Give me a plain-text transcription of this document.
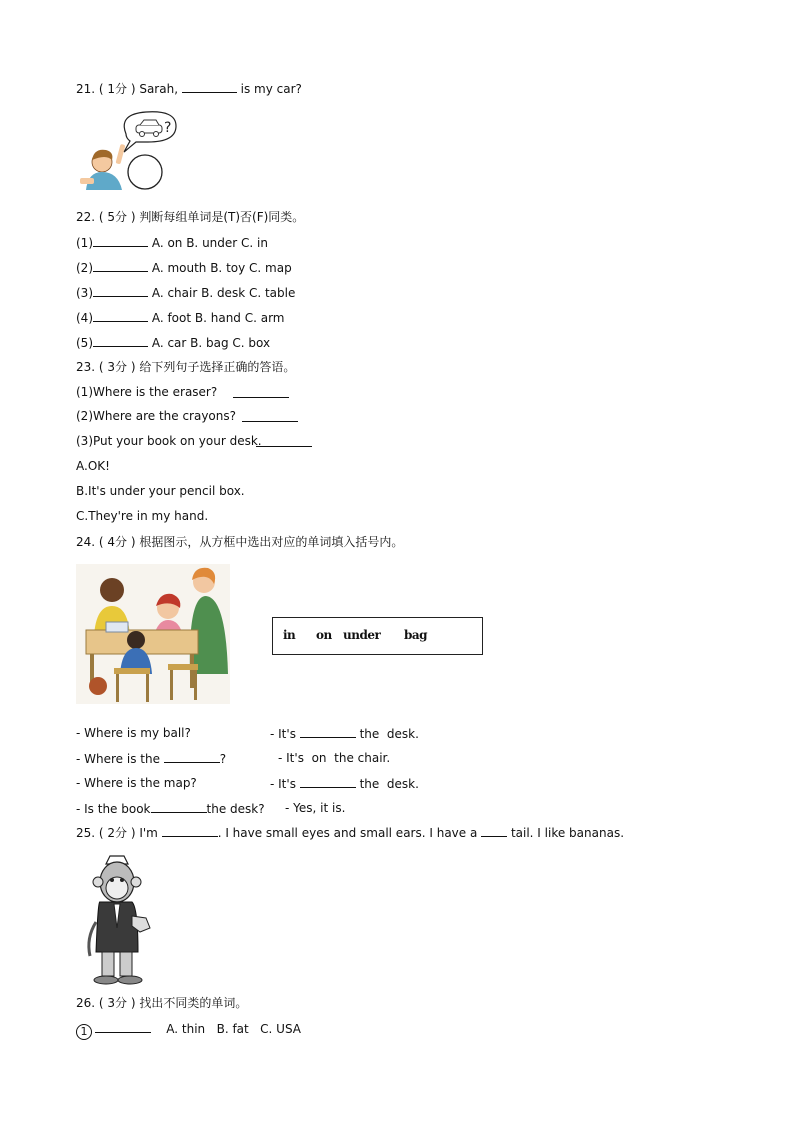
21. ( 1分 ) Sarah,	is my car?
?
22. ( 5分 ) 判断每组单词是(T)否(F)同类。
(1)	A. on B. under C. in
(2)	A. mouth B. toy C. map
(3)	A. chair B. desk C. table
(4)	A. foot B. hand C. arm
(5)	A. car B. bag C. box
23. ( 3分 ) 给下列句子选择正确的答语。
(1)Where is the eraser?
(2)Where are the crayons?
(3)Put your book on your desk.
A.OK!
B.It's under your pencil box.
C.They're in my hand.
24. ( 4分 ) 根据图示，从方框中选出对应的单词填入括号内。
in on under bag
- Where is my ball?	- It's	the  desk.
- Where is the	?	- It's  on  the chair.
- Where is the map?	- It's	the  desk.
- Is the book	the desk? - Yes, it is.
25. ( 2分 ) I'm	. I have small eyes and small ears. I have a  tail. I like bananas.
26. ( 3分 ) 找出不同类的单词。
1	A. thin   B. fat   C. USA
